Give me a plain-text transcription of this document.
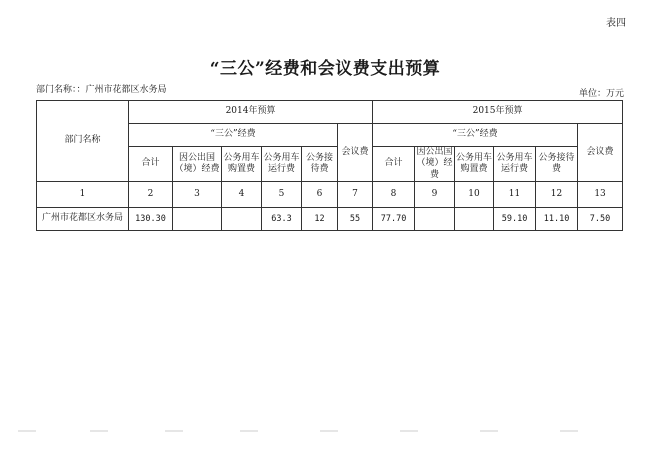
表四
“三公”经费和会议费支出预算
部门名称：：广州市花都区水务局	单位：万元
部门名称	2014年预算						2015年预算					
	“三公”经费					会议费	“三公”经费					会议费
	合计	因公出国（境）经费	公务用车购置费	公务用车运行费	公务接待费		合计	因公出国（境）经费	公务用车购置费	公务用车运行费	公务接待费	
1	2	3	4	5	6	7	8	9	10	11	12	13
广州市花都区水务局	130.30			63.3	12	55	77.70			59.10	11.10	7.50
